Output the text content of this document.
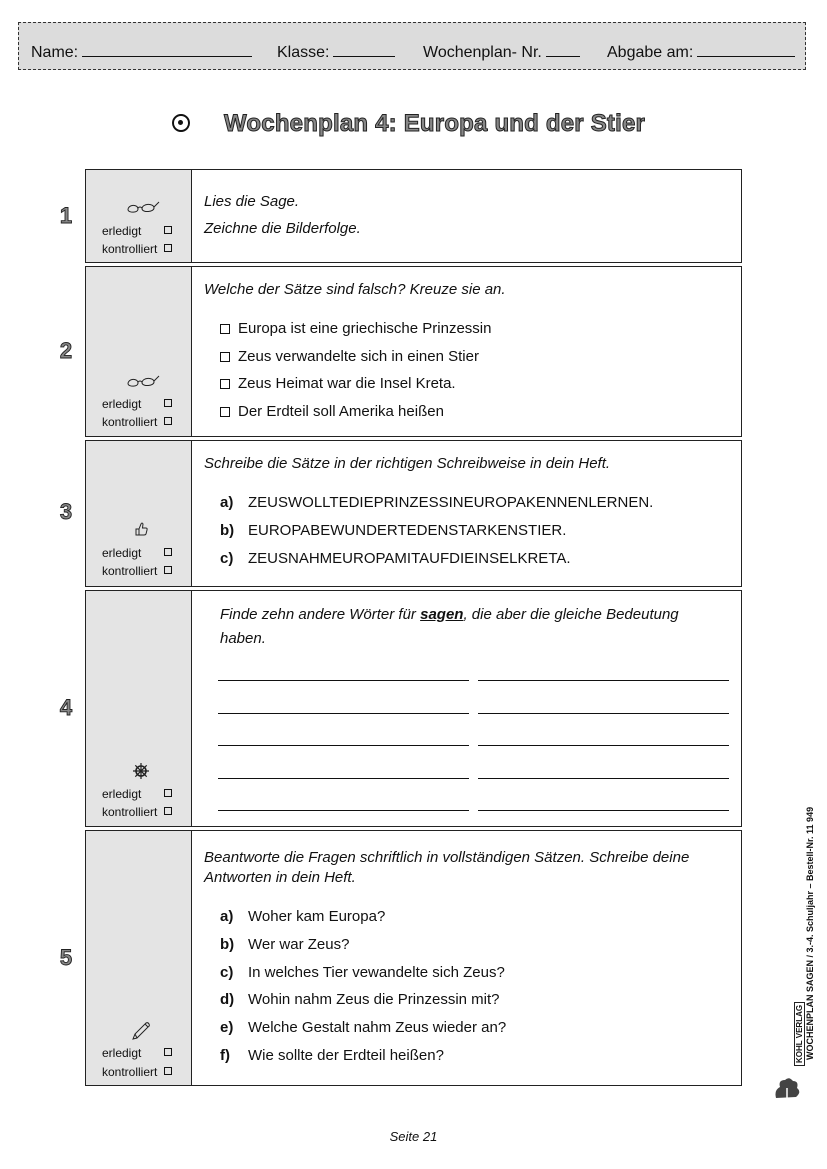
Name:	Klasse:	Wochenplan- Nr.	Abgabe am:
Wochenplan 4: Europa und der Stier
1
erledigt
kontrolliert
Lies die Sage.
Zeichne die Bilderfolge.
2
erledigt
kontrolliert
Welche der Sätze sind falsch? Kreuze sie an.
Europa ist eine griechische Prinzessin
Zeus verwandelte sich in einen Stier
Zeus Heimat war die Insel Kreta.
Der Erdteil soll Amerika heißen
3
erledigt
kontrolliert
Schreibe die Sätze in der richtigen Schreibweise in dein Heft.
a) ZEUSWOLLTEDIEPRINZESSINEUROPAKENNENLERNEN.
b) EUROPABEWUNDERTEDENSTARKENSTIER.
c) ZEUSNAHMEUROPAMITAUFDIEINSELKRETA.
4
erledigt
kontrolliert
Finde zehn andere Wörter für sagen, die aber die gleiche Bedeutung haben.
5
erledigt
kontrolliert
Beantworte die Fragen schriftlich in vollständigen Sätzen. Schreibe deine Antworten in dein Heft.
a) Woher kam Europa?
b) Wer war Zeus?
c) In welches Tier vewandelte sich Zeus?
d) Wohin nahm Zeus die Prinzessin mit?
e) Welche Gestalt nahm Zeus wieder an?
f) Wie sollte der Erdteil heißen?	WOCHENPLAN SAGEN / 3.-4. Schuljahr – Bestell-Nr. 11 949
KOHL VERLAG
Seite 21
